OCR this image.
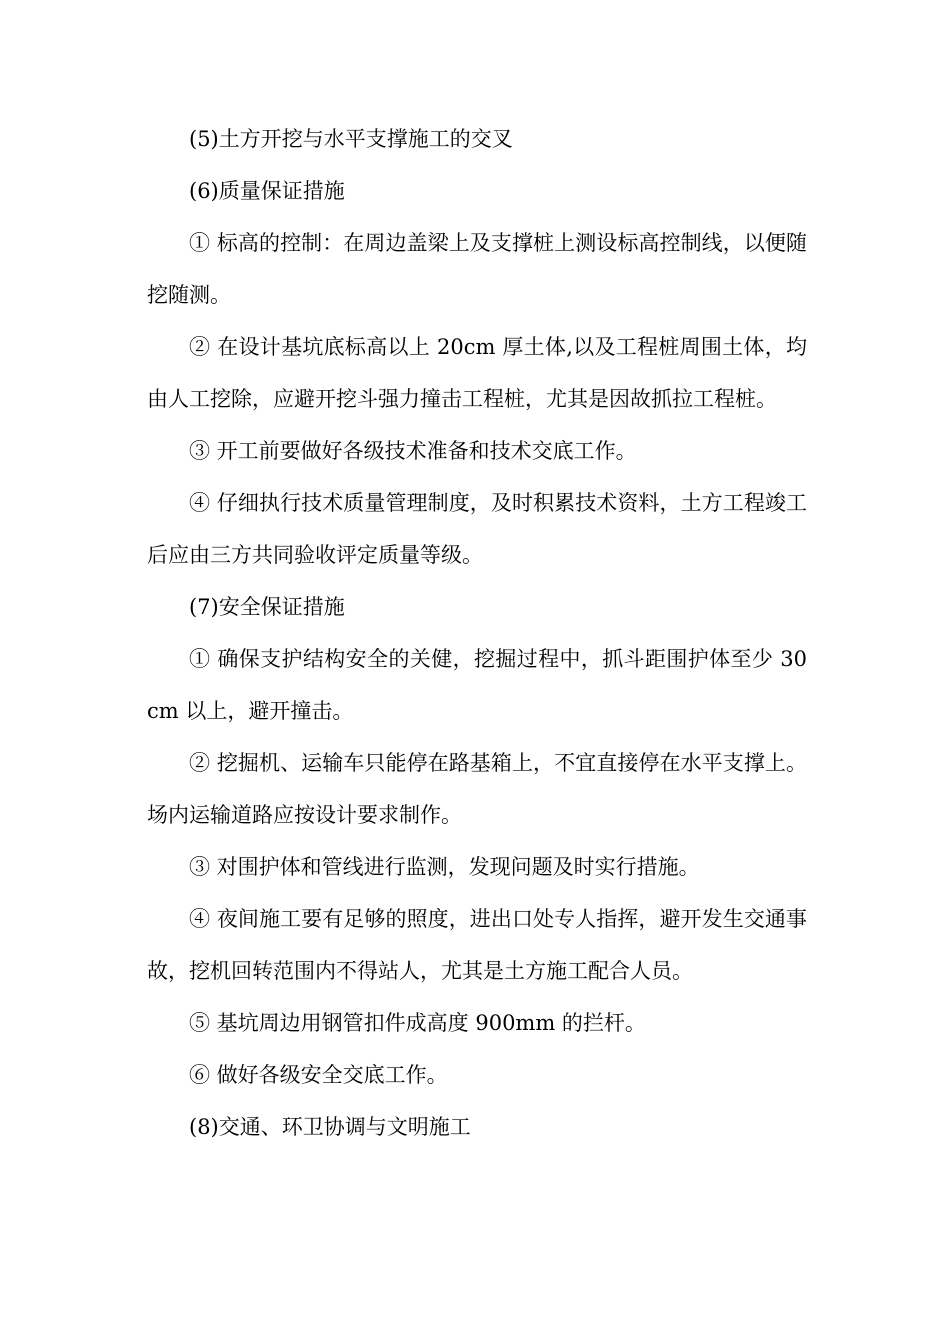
(5)土方开挖与水平支撑施工的交叉

(6)质量保证措施

① 标高的控制：在周边盖梁上及支撑桩上测设标高控制线，以便随挖随测。

② 在设计基坑底标高以上 20cm 厚土体,以及工程桩周围土体，均由人工挖除，应避开挖斗强力撞击工程桩，尤其是因故抓拉工程桩。

③ 开工前要做好各级技术准备和技术交底工作。

④ 仔细执行技术质量管理制度，及时积累技术资料，土方工程竣工后应由三方共同验收评定质量等级。

(7)安全保证措施

① 确保支护结构安全的关健，挖掘过程中，抓斗距围护体至少 30cm 以上，避开撞击。

② 挖掘机、运输车只能停在路基箱上，不宜直接停在水平支撑上。场内运输道路应按设计要求制作。

③ 对围护体和管线进行监测，发现问题及时实行措施。

④ 夜间施工要有足够的照度，进出口处专人指挥，避开发生交通事故，挖机回转范围内不得站人，尤其是土方施工配合人员。

⑤ 基坑周边用钢管扣件成高度 900mm 的拦杆。

⑥ 做好各级安全交底工作。

(8)交通、环卫协调与文明施工
